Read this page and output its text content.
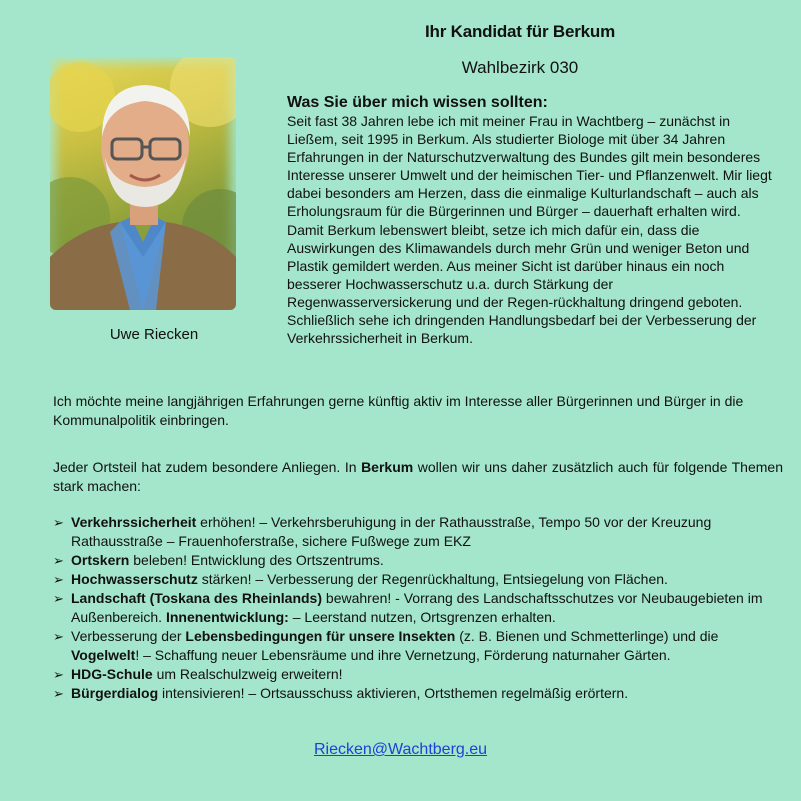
Ihr Kandidat für Berkum
Wahlbezirk 030
Uwe Riecken
Was Sie über mich wissen sollten:
Seit fast 38 Jahren lebe ich mit meiner Frau in Wachtberg – zunächst in Ließem, seit 1995 in Berkum. Als studierter Biologe mit über 34 Jahren Erfahrungen in der Naturschutzverwaltung des Bundes gilt mein besonderes Interesse unserer Umwelt und der heimischen Tier- und Pflanzenwelt. Mir liegt dabei besonders am Herzen, dass die einmalige Kulturlandschaft – auch als Erholungsraum für die Bürgerinnen und Bürger – dauerhaft erhalten wird. Damit Berkum lebenswert bleibt, setze ich mich dafür ein, dass die Auswirkungen des Klimawandels durch mehr Grün und weniger Beton und Plastik gemildert werden. Aus meiner Sicht ist darüber hinaus ein noch besserer Hochwasserschutz u.a. durch Stärkung der Regenwasserversickerung und der Regen-rückhaltung dringend geboten. Schließlich sehe ich dringenden Handlungsbedarf bei der Verbesserung der Verkehrssicherheit in Berkum.
Ich möchte meine langjährigen Erfahrungen gerne künftig aktiv im Interesse aller Bürgerinnen und Bürger in die Kommunalpolitik einbringen.
Jeder Ortsteil hat zudem besondere Anliegen. In Berkum wollen wir uns daher zusätzlich auch für folgende Themen stark machen:
➢ Verkehrssicherheit erhöhen! – Verkehrsberuhigung in der Rathausstraße, Tempo 50 vor der Kreuzung Rathausstraße – Frauenhoferstraße, sichere Fußwege zum EKZ
➢ Ortskern beleben! Entwicklung des Ortszentrums.
➢ Hochwasserschutz stärken! – Verbesserung der Regenrückhaltung, Entsiegelung von Flächen.
➢ Landschaft (Toskana des Rheinlands) bewahren! - Vorrang des Landschaftsschutzes vor Neubaugebieten im Außenbereich. Innenentwicklung: – Leerstand nutzen, Ortsgrenzen erhalten.
➢ Verbesserung der Lebensbedingungen für unsere Insekten (z. B. Bienen und Schmetterlinge) und die Vogelwelt! – Schaffung neuer Lebensräume und ihre Vernetzung, Förderung naturnaher Gärten.
➢ HDG-Schule um Realschulzweig erweitern!
➢ Bürgerdialog intensivieren! – Ortsausschuss aktivieren, Ortsthemen regelmäßig erörtern.
Riecken@Wachtberg.eu
